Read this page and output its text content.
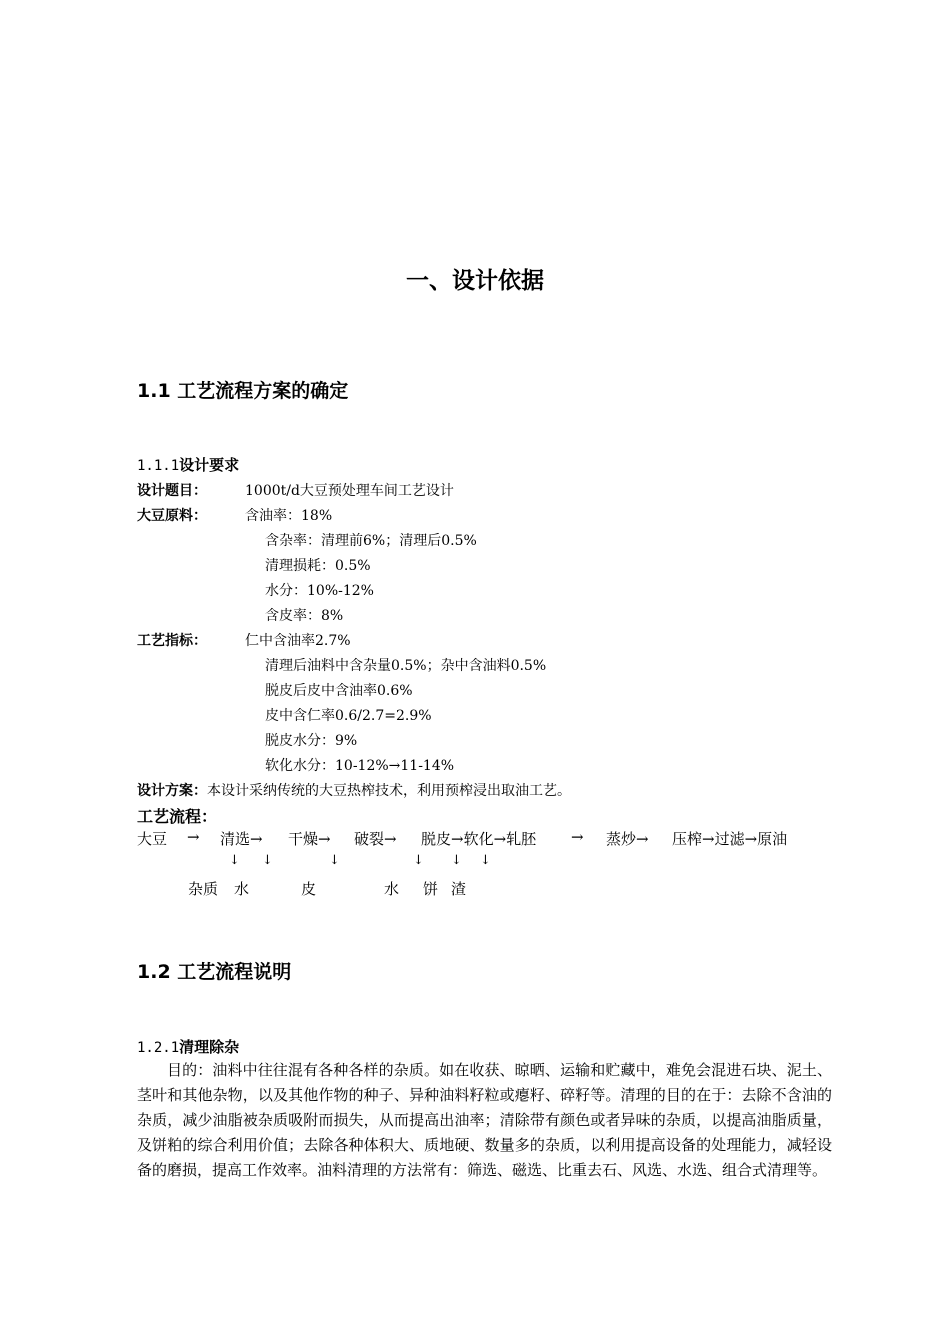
一、设计依据
1.1 工艺流程方案的确定
1.1.1设计要求
设计题目：	1000t/d大豆预处理车间工艺设计
大豆原料：	含油率：18%
含杂率：清理前6%；清理后0.5%
清理损耗：0.5%
水分：10%-12%
含皮率：8%
工艺指标：	仁中含油率2.7%
清理后油料中含杂量0.5%；杂中含油料0.5%
脱皮后皮中含油率0.6%
皮中含仁率0.6/2.7=2.9%
脱皮水分：9%
软化水分：10-12%→11-14%
设计方案：本设计采纳传统的大豆热榨技术，利用预榨浸出取油工艺。
工艺流程：
大豆 → 清选→ 干燥→ 破裂→ 脱皮→软化→轧胚 → 蒸炒→ 压榨→过滤→原油
↓ ↓	↓	↓ ↓ ↓
杂质 水	皮	水 饼 渣
1.2 工艺流程说明
1.2.1清理除杂
目的：油料中往往混有各种各样的杂质。如在收获、晾晒、运输和贮藏中，难免会混进石块、泥土、茎叶和其他杂物，以及其他作物的种子、异种油料籽粒或瘪籽、碎籽等。清理的目的在于：去除不含油的杂质，减少油脂被杂质吸附而损失，从而提高出油率；清除带有颜色或者异味的杂质，以提高油脂质量，及饼粕的综合利用价值；去除各种体积大、质地硬、数量多的杂质，以利用提高设备的处理能力，减轻设备的磨损，提高工作效率。油料清理的方法常有：筛选、磁选、比重去石、风选、水选、组合式清理等。
